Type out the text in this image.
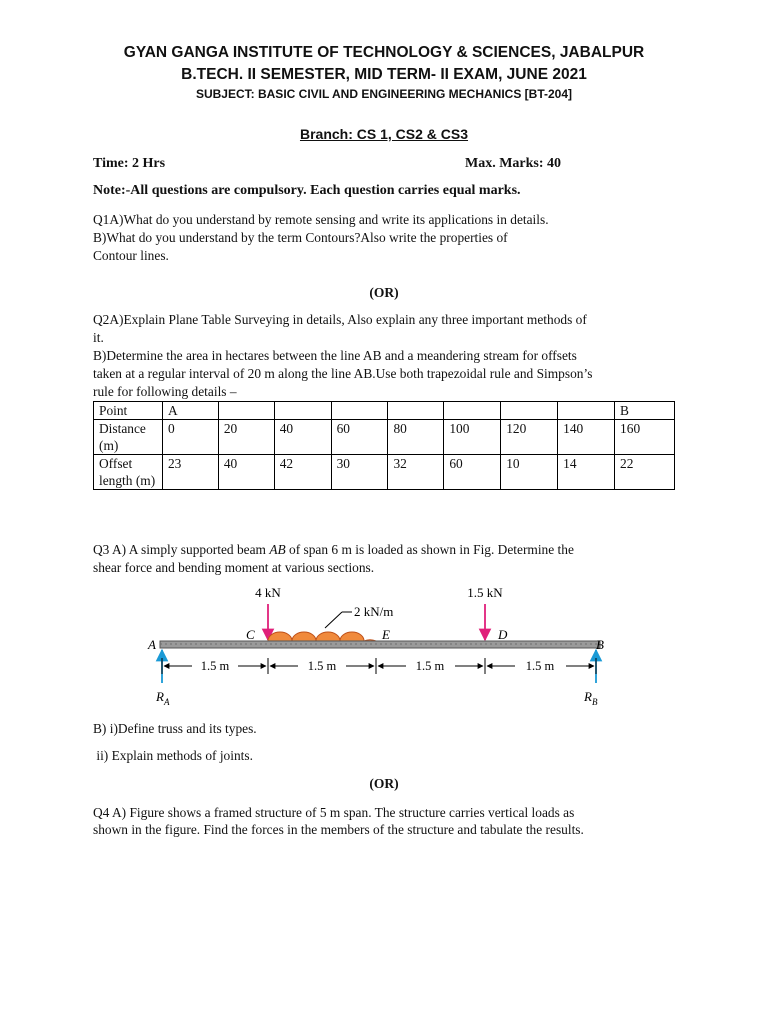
GYAN GANGA INSTITUTE OF TECHNOLOGY & SCIENCES, JABALPUR
B.TECH. II SEMESTER, MID TERM- II EXAM, JUNE 2021
SUBJECT: BASIC CIVIL AND ENGINEERING MECHANICS [BT-204]
Branch: CS 1, CS2 & CS3
Time: 2 Hrs	Max. Marks: 40
Note:-All questions are compulsory. Each question carries equal marks.
Q1A)What do you understand by remote sensing and write its applications in details.
B)What do you understand by the term Contours?Also write the properties of
Contour lines.
(OR)
Q2A)Explain Plane Table Surveying in details, Also explain any three important methods of
it.
B)Determine the area in hectares between the line AB and a meandering stream for offsets
taken at a regular interval of 20 m along the line AB.Use both trapezoidal rule and Simpson’s
rule for following details –
Point	A								B
Distance (m)	0	20	40	60	80	100	120	140	160
Offset length (m)	23	40	42	30	32	60	10	14	22
Q3 A) A simply supported beam AB of span 6 m is loaded as shown in Fig. Determine the
shear force and bending moment at various sections.
4 kN	1.5 kN
2 kN/m
A	B
C	E	D
$R_A$	$R_B$
1.5 m	1.5 m	1.5 m	1.5 m
B) i)Define truss and its types.
ii) Explain methods of joints.
(OR)
Q4 A) Figure shows a framed structure of 5 m span. The structure carries vertical loads as
shown in the figure. Find the forces in the members of the structure and tabulate the results.
